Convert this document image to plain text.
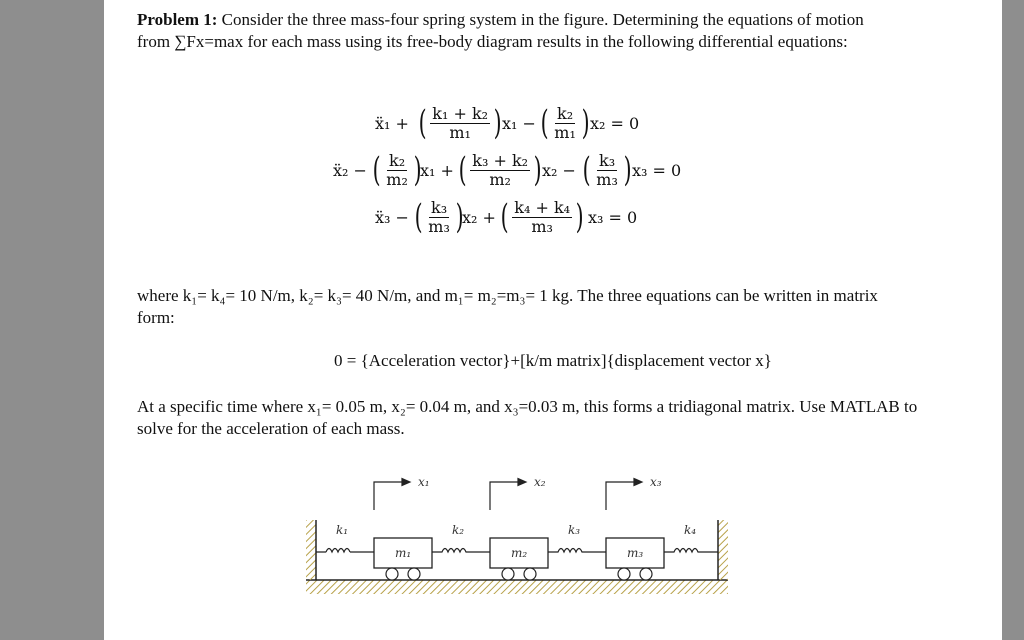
Problem 1: Consider the three mass-four spring system in the figure. Determining the equations of motion from ∑Fx=max for each mass using its free-body diagram results in the following differential equations:
ẍ₁ + ( $\frac{\text{k₁ + k₂}}{\text{m₁}}$ ) x₁ − ( $\frac{\text{k₂}}{\text{m₁}}$ ) x₂ = 0
ẍ₂ − ( $\frac{\text{k₂}}{\text{m₂}}$ )
x₁ + ( $\frac{\text{k₃ + k₂}}{\text{m₂}}$ ) x₂ − ( $\frac{\text{k₃}}{\text{m₃}}$ ) x₃ = 0
ẍ₃ − ( $\frac{\text{k₃}}{\text{m₃}}$ )
x₂ + ( $\frac{\text{k₄ + k₄}}{\text{m₃}}$ ) x₃ = 0
where k₁= k₄= 10 N/m, k₂= k₃= 40 N/m, and m₁= m₂=m₃= 1 kg. The three equations can be written in matrix form:
0 = {Acceleration vector}+[k/m matrix]{displacement vector x}
At a specific time where x₁= 0.05 m, x₂= 0.04 m, and x₃=0.03 m, this forms a tridiagonal matrix. Use MATLAB to solve for the acceleration of each mass.
x₁	x₂	x₃
k₁	k₂	k₃	k₄
m₁	m₂	m₃
